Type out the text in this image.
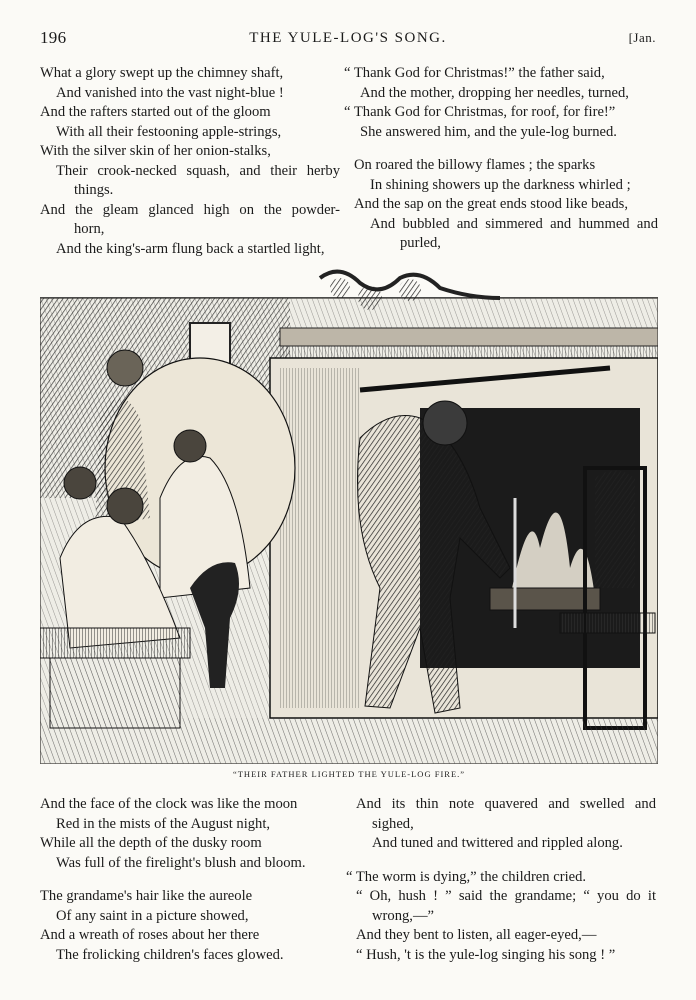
196	THE YULE-LOG'S SONG.	[Jan.
What a glory swept up the chimney shaft,
And vanished into the vast night-blue !
And the rafters started out of the gloom
With all their festooning apple-strings,
With the silver skin of her onion-stalks,
Their crook-necked squash, and their herby
things.
And the gleam glanced high on the powder-
horn,
And the king's-arm flung back a startled light,
“ Thank God for Christmas!” the father said,
And the mother, dropping her needles, turned,
“ Thank God for Christmas, for roof, for fire!”
She answered him, and the yule-log burned.
On roared the billowy flames ; the sparks
In shining showers up the darkness whirled ;
And the sap on the great ends stood like beads,
And bubbled and simmered and hummed and
purled,
“THEIR FATHER LIGHTED THE YULE-LOG FIRE.”
And the face of the clock was like the moon
Red in the mists of the August night,
While all the depth of the dusky room
Was full of the firelight's blush and bloom.
The grandame's hair like the aureole
Of any saint in a picture showed,
And a wreath of roses about her there
The frolicking children's faces glowed.
And its thin note quavered and swelled and
sighed,
And tuned and twittered and rippled along.
“ The worm is dying,” the children cried.
“ Oh, hush ! ” said the grandame; “ you do it
wrong,—”
And they bent to listen, all eager-eyed,—
“ Hush, 't is the yule-log singing his song ! ”
